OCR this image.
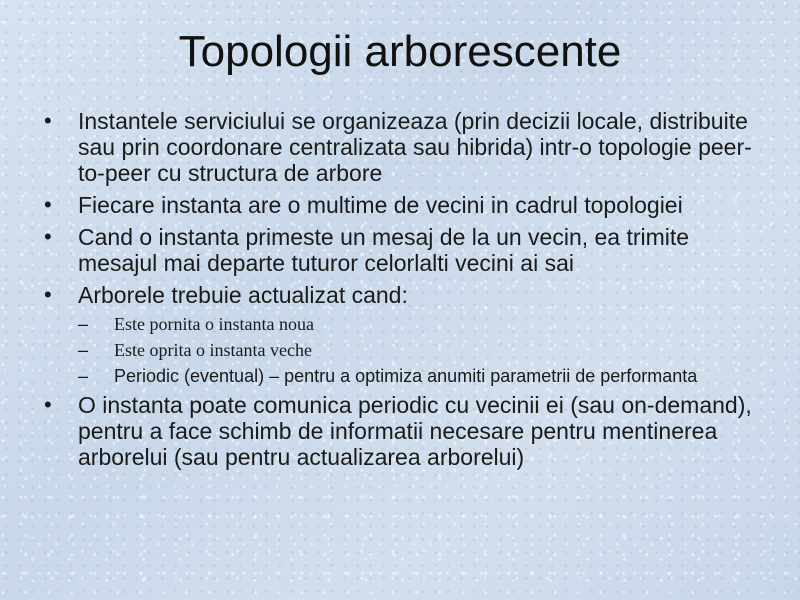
Topologii arborescente
•	Instantele serviciului se organizeaza (prin decizii locale, distribuite sau prin coordonare centralizata sau hibrida) intr-o topologie peer-to-peer cu structura de arbore
•	Fiecare instanta are o multime de vecini in cadrul topologiei
•	Cand o instanta primeste un mesaj de la un vecin, ea trimite mesajul mai departe tuturor celorlalti vecini ai sai
•	Arborele trebuie actualizat cand:
–	Este pornita o instanta noua
–	Este oprita o instanta veche
–	Periodic (eventual) – pentru a optimiza anumiti parametrii de performanta
•	O instanta poate comunica periodic cu vecinii ei (sau on-demand), pentru a face schimb de informatii necesare pentru mentinerea arborelui (sau pentru actualizarea arborelui)
